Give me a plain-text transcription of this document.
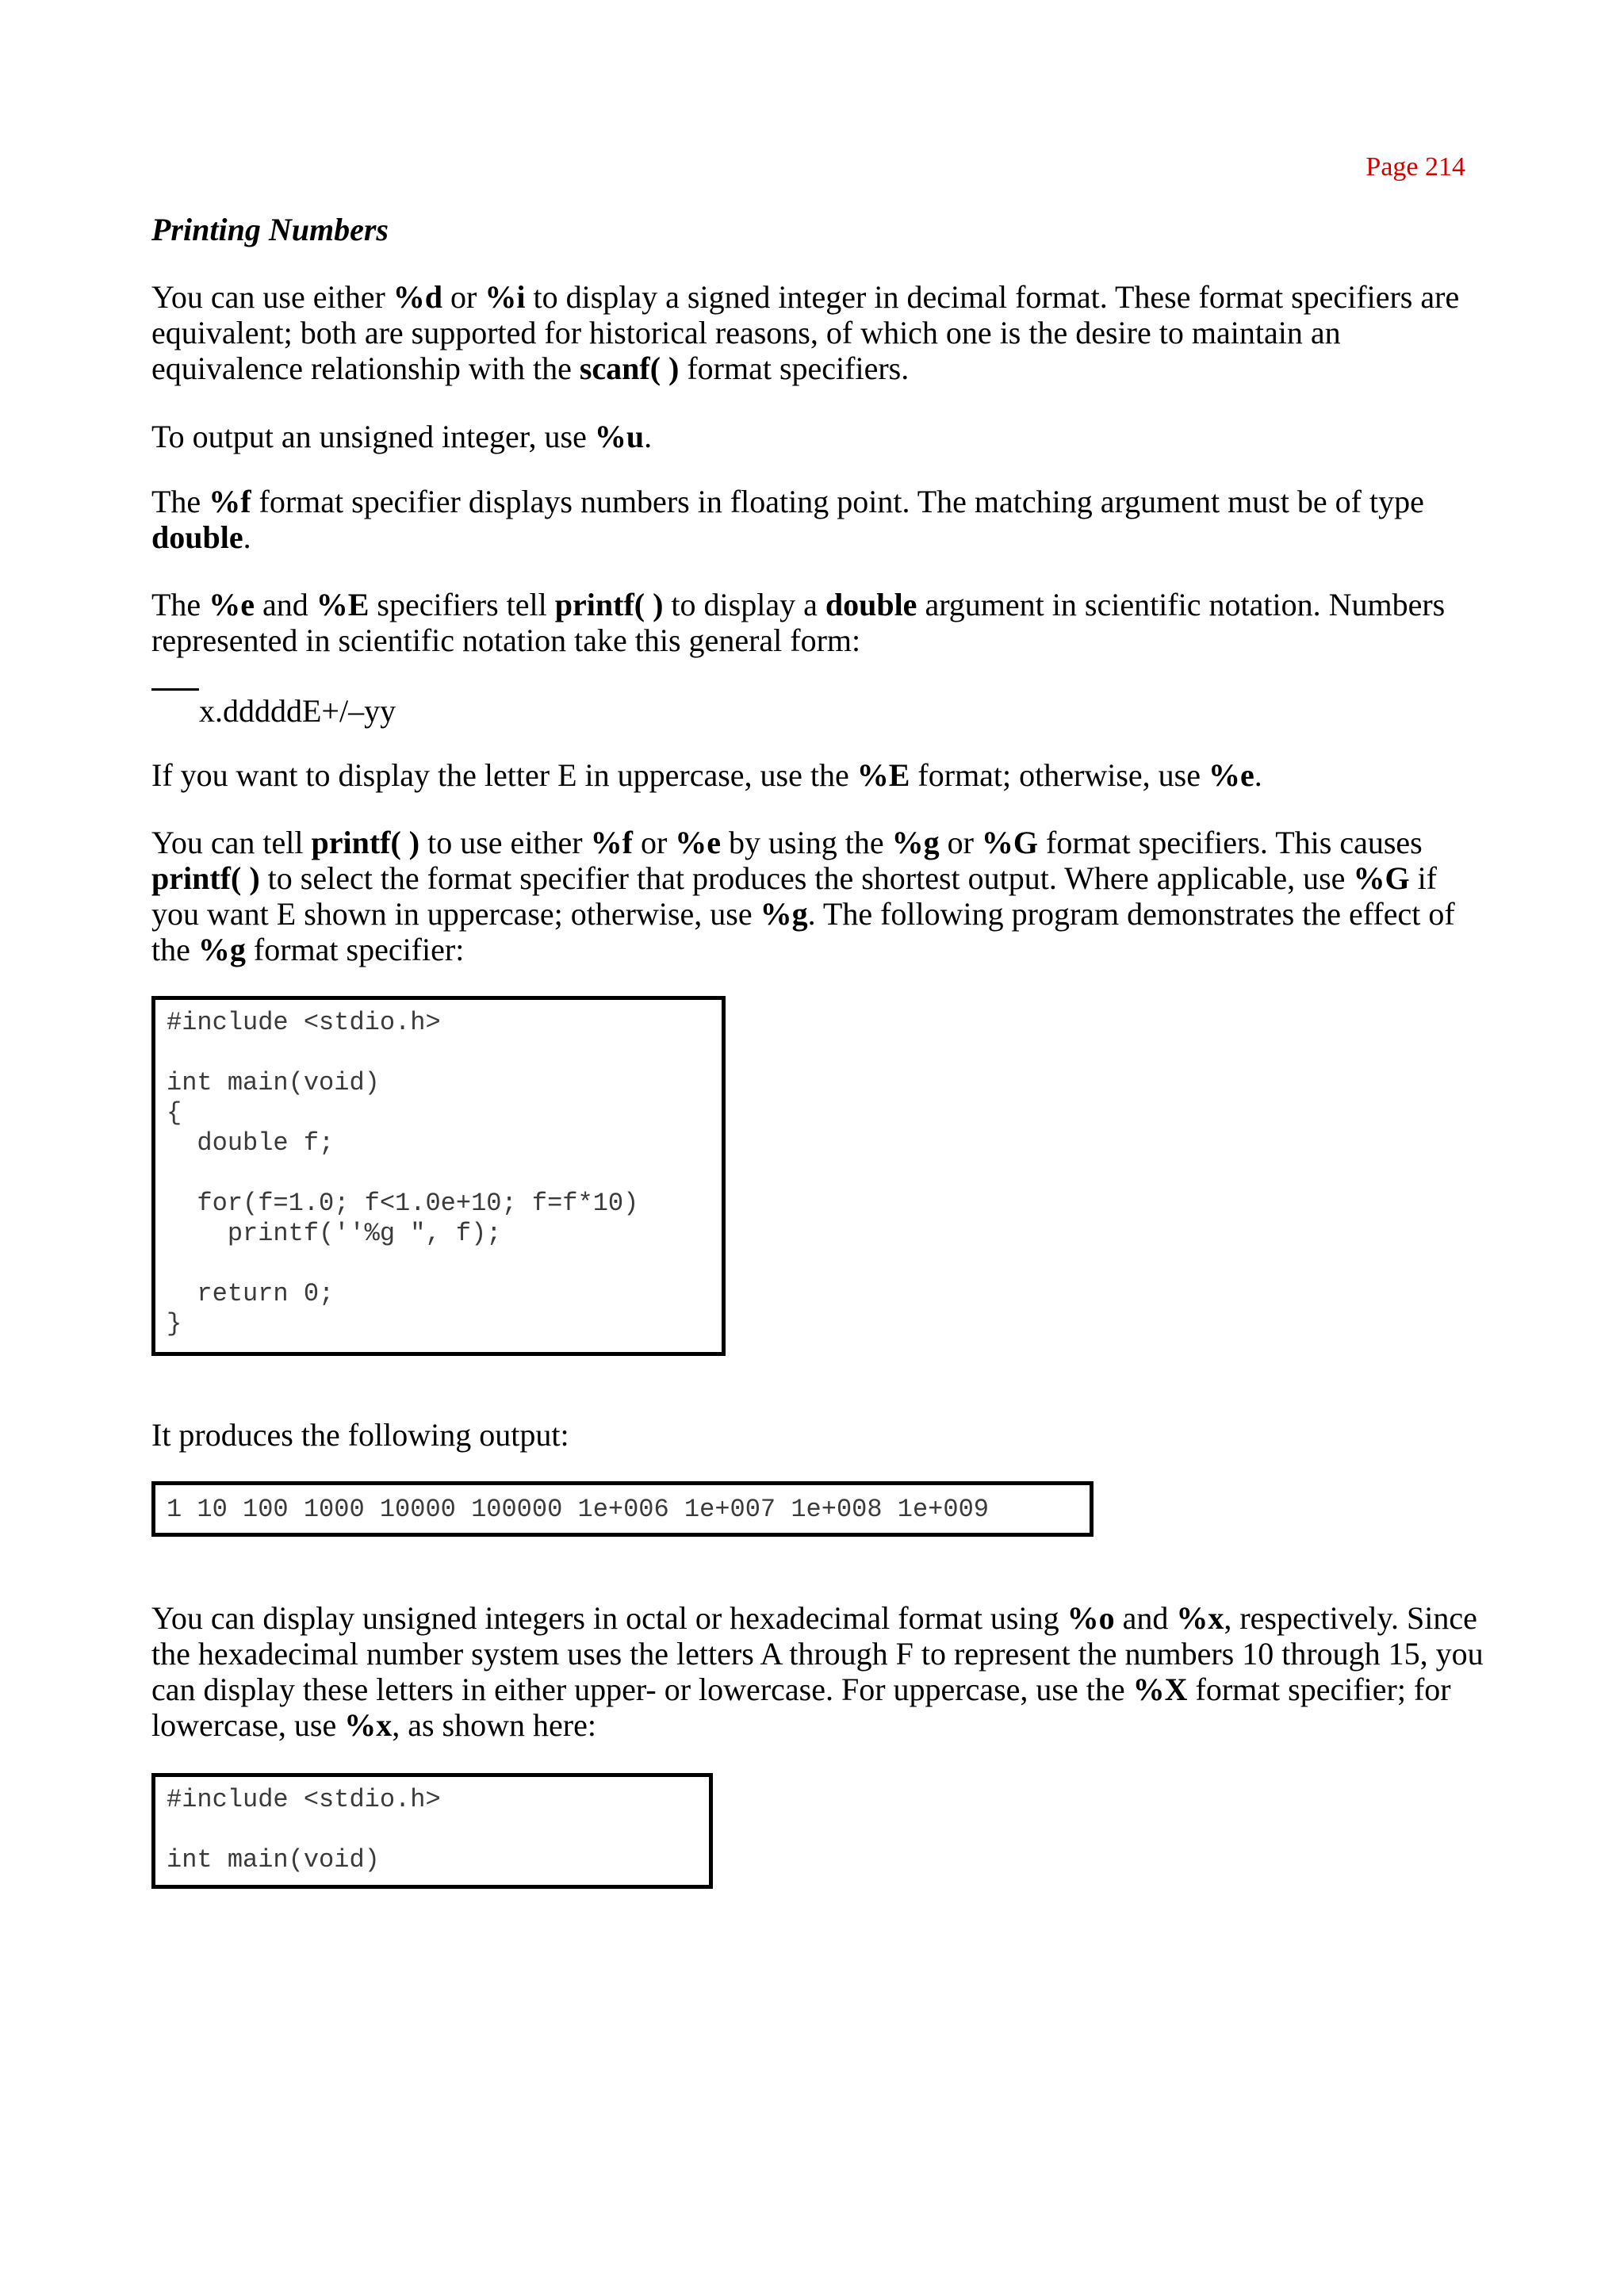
Page 214
Printing Numbers

You can use either %d or %i to display a signed integer in decimal format. These format specifiers are equivalent; both are supported for historical reasons, of which one is the desire to maintain an equivalence relationship with the scanf( ) format specifiers.

To output an unsigned integer, use %u.

The %f format specifier displays numbers in floating point. The matching argument must be of type double.

The %e and %E specifiers tell printf( ) to display a double argument in scientific notation. Numbers represented in scientific notation take this general form:

x.dddddE+/–yy

If you want to display the letter E in uppercase, use the %E format; otherwise, use %e.

You can tell printf( ) to use either %f or %e by using the %g or %G format specifiers. This causes printf( ) to select the format specifier that produces the shortest output. Where applicable, use %G if you want E shown in uppercase; otherwise, use %g. The following program demonstrates the effect of the %g format specifier:

#include <stdio.h>

int main(void)
{
double f;

for(f=1.0; f<1.0e+10; f=f*10)
printf(''%g ", f);

return 0;
}

It produces the following output:

1 10 100 1000 10000 100000 1e+006 1e+007 1e+008 1e+009

You can display unsigned integers in octal or hexadecimal format using %o and %x, respectively. Since the hexadecimal number system uses the letters A through F to represent the numbers 10 through 15, you can display these letters in either upper- or lowercase. For uppercase, use the %X format specifier; for lowercase, use %x, as shown here:

#include <stdio.h>

int main(void)
